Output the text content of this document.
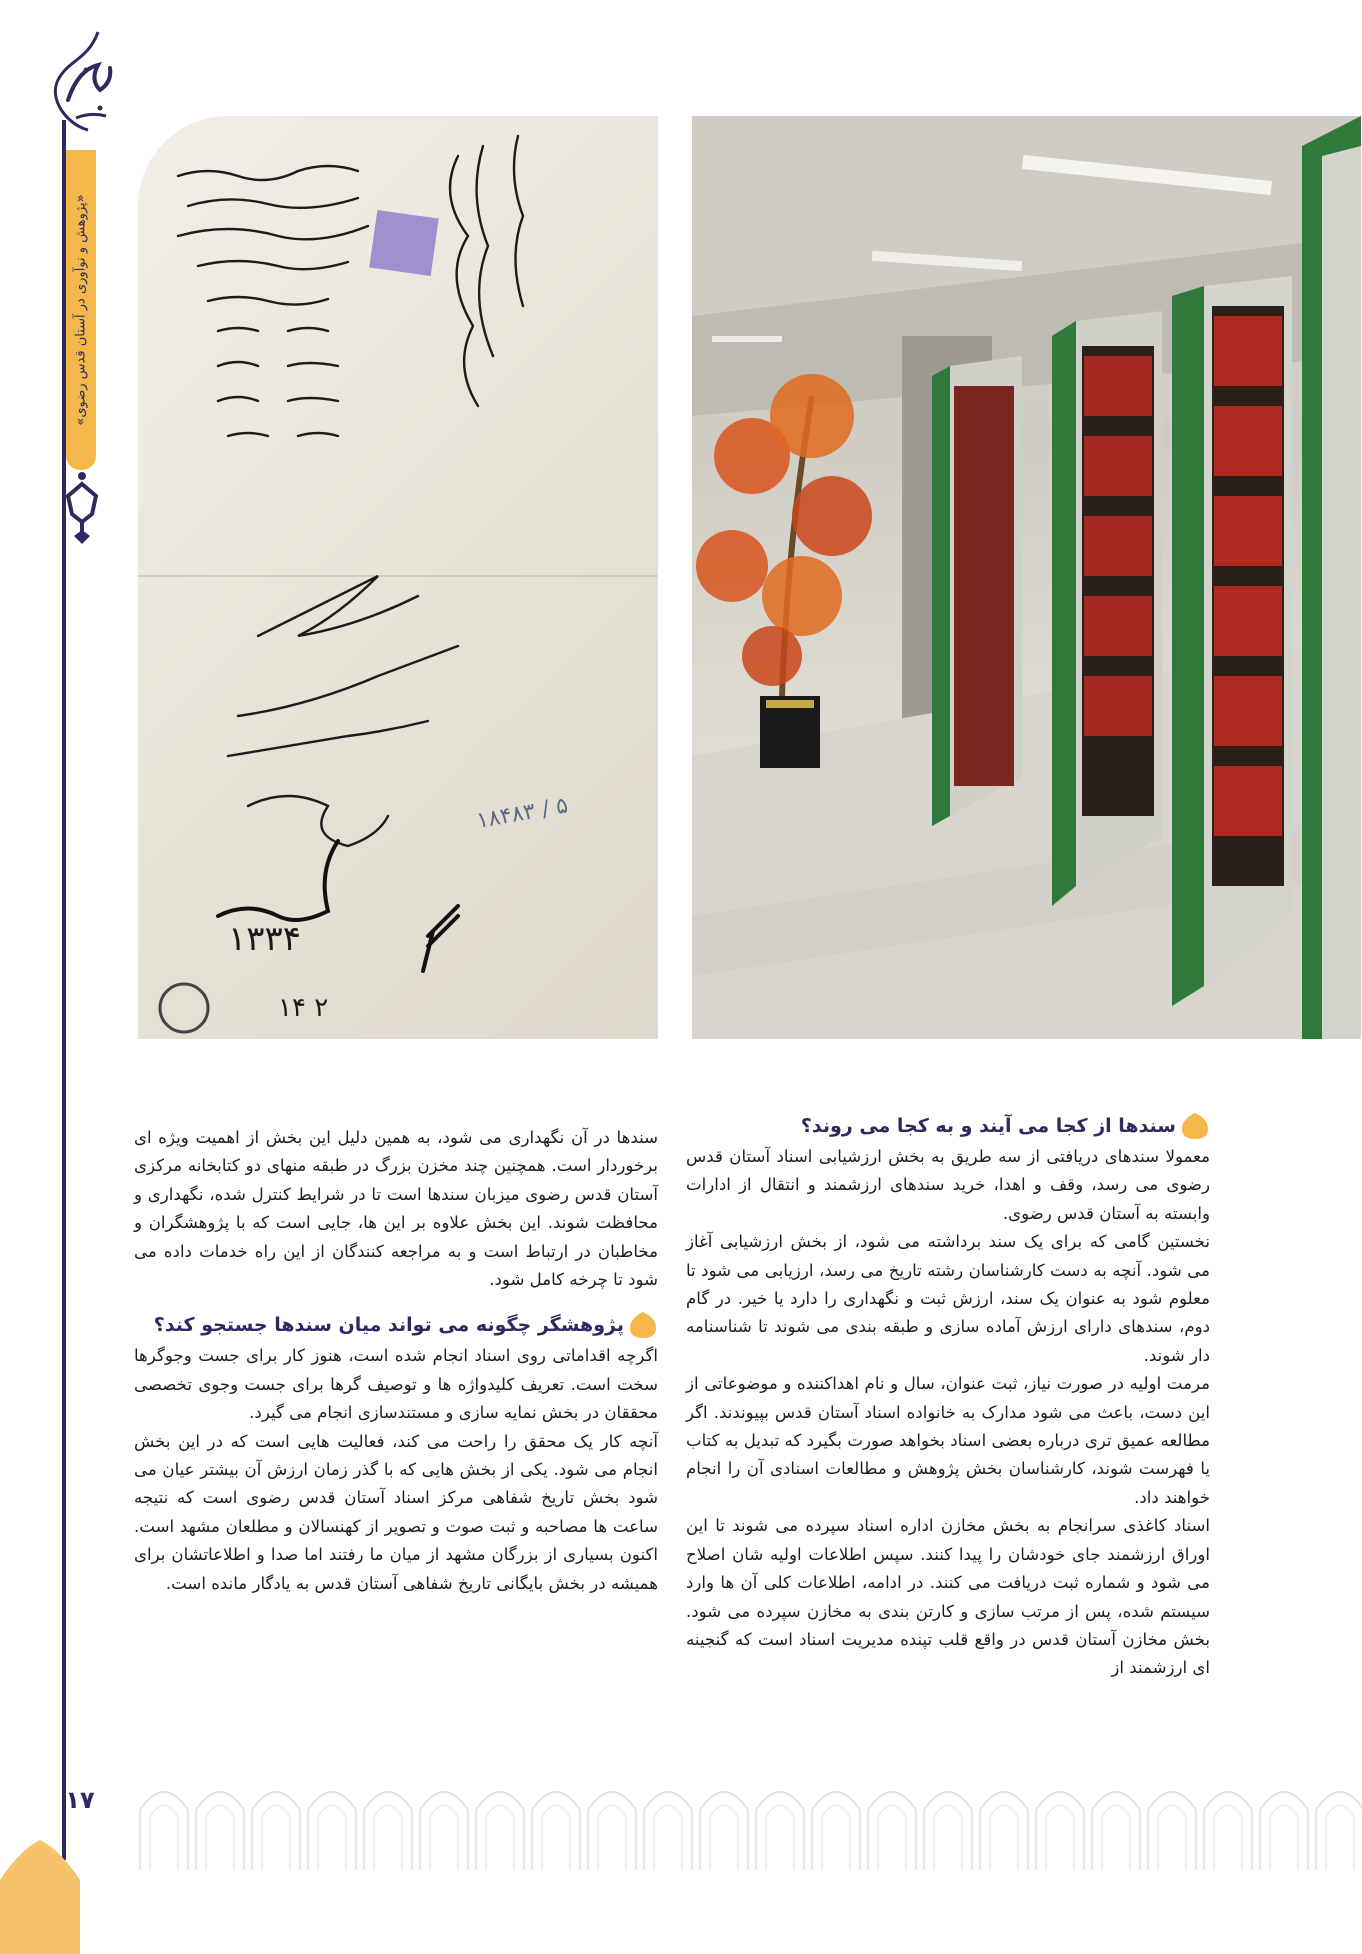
«پژوهش و نوآوری در آستان قدس رضوی»
۱۷
۱۳۳۴
۱۸۴۸۳ / ۵
۱۴ ۲
سندها از کجا می آیند و به کجا می روند؟

معمولا سندهای دریافتی از سه طریق به بخش ارزشیابی اسناد آستان قدس رضوی می رسد، وقف و اهدا، خرید سندهای ارزشمند و انتقال از ادارات وابسته به آستان قدس رضوی.

نخستین گامی که برای یک سند برداشته می شود، از بخش ارزشیابی آغاز می شود. آنچه به دست کارشناسان رشته تاریخ می رسد، ارزیابی می شود تا معلوم شود به عنوان یک سند، ارزش ثبت و نگهداری را دارد یا خیر. در گام دوم، سندهای دارای ارزش آماده سازی و طبقه بندی می شوند تا شناسنامه دار شوند.

مرمت اولیه در صورت نیاز، ثبت عنوان، سال و نام اهداکننده و موضوعاتی از این دست، باعث می شود مدارک به خانواده اسناد آستان قدس بپیوندند. اگر مطالعه عمیق تری درباره بعضی اسناد بخواهد صورت بگیرد که تبدیل به کتاب یا فهرست شوند، کارشناسان بخش پژوهش و مطالعات اسنادی آن را انجام خواهند داد.

اسناد کاغذی سرانجام به بخش مخازن اداره اسناد سپرده می شوند تا این اوراق ارزشمند جای خودشان را پیدا کنند. سپس اطلاعات اولیه شان اصلاح می شود و شماره ثبت دریافت می کنند. در ادامه، اطلاعات کلی آن ها وارد سیستم شده، پس از مرتب سازی و کارتن بندی به مخازن سپرده می شود. بخش مخازن آستان قدس در واقع قلب تپنده مدیریت اسناد است که گنجینه ای ارزشمند از

سندها در آن نگهداری می شود، به همین دلیل این بخش از اهمیت ویژه ای برخوردار است. همچنین چند مخزن بزرگ در طبقه منهای دو کتابخانه مرکزی آستان قدس رضوی میزبان سندها است تا در شرایط کنترل شده، نگهداری و محافظت شوند. این بخش علاوه بر این ها، جایی است که با پژوهشگران و مخاطبان در ارتباط است و به مراجعه کنندگان از این راه خدمات داده می شود تا چرخه کامل شود.

پژوهشگر چگونه می تواند میان سندها جستجو کند؟

اگرچه اقداماتی روی اسناد انجام شده است، هنوز کار برای جست وجوگرها سخت است. تعریف کلیدواژه ها و توصیف گرها برای جست وجوی تخصصی محققان در بخش نمایه سازی و مستندسازی انجام می گیرد.

آنچه کار یک محقق را راحت می کند، فعالیت هایی است که در این بخش انجام می شود. یکی از بخش هایی که با گذر زمان ارزش آن بیشتر عیان می شود بخش تاریخ شفاهی مرکز اسناد آستان قدس رضوی است که نتیجه ساعت ها مصاحبه و ثبت صوت و تصویر از کهنسالان و مطلعان مشهد است. اکنون بسیاری از بزرگان مشهد از میان ما رفتند اما صدا و اطلاعاتشان برای همیشه در بخش بایگانی تاریخ شفاهی آستان قدس به یادگار مانده است.
